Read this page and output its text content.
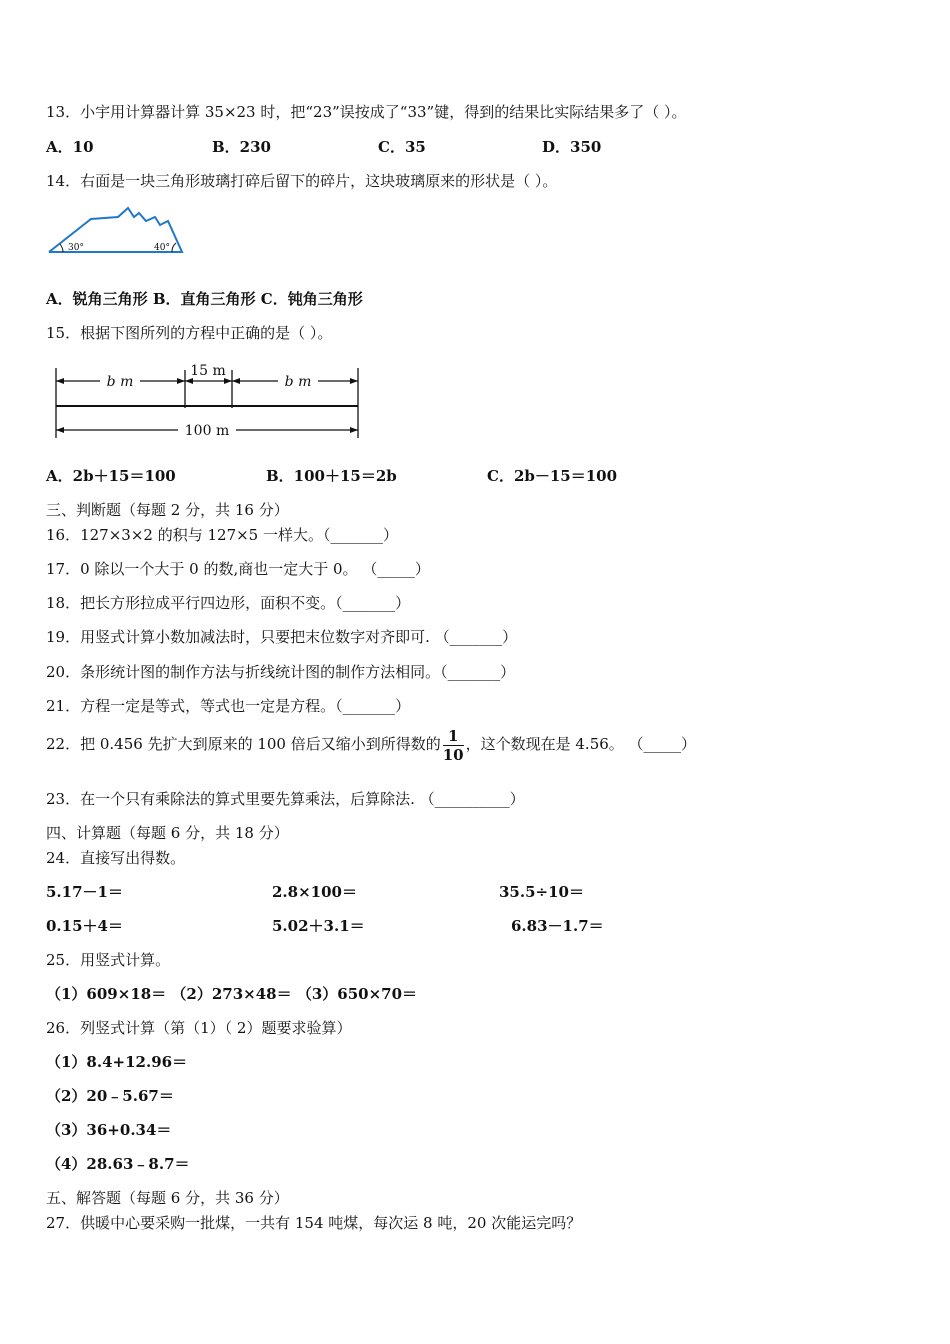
13．小宇用计算器计算 35×23 时，把“23”误按成了“33”键，得到的结果比实际结果多了（ ）。
A．10	B．230	C．35	D．350
14．右面是一块三角形玻璃打碎后留下的碎片，这块玻璃原来的形状是（ ）。
30°	40°
A．锐角三角形 B．直角三角形 C．钝角三角形
15．根据下图所列的方程中正确的是（ ）。
b m
15 m
b m
100 m
A．2b＋15＝100	B．100＋15＝2b	C．2b－15＝100
三、判断题（每题 2 分，共 16 分）
16．127×3×2 的积与 127×5 一样大。（_______）
17．0 除以一个大于 0 的数,商也一定大于 0。 （_____）
18．把长方形拉成平行四边形，面积不变。（_______）
19．用竖式计算小数加减法时，只要把末位数字对齐即可. （_______）
20．条形统计图的制作方法与折线统计图的制作方法相同。（_______）
21．方程一定是等式，等式也一定是方程。（_______）
22．把 0.456 先扩大到原来的 100 倍后又缩小到所得数的 $\frac{1}{10}$ ，这个数现在是 4.56。 （_____）
23．在一个只有乘除法的算式里要先算乘法，后算除法. （__________）
四、计算题（每题 6 分，共 18 分）
24．直接写出得数。
5.17－1＝	2.8×100＝	35.5÷10＝
0.15＋4＝	5.02＋3.1＝	6.83－1.7＝
25．用竖式计算。
（1）609×18＝ （2）273×48＝ （3）650×70＝
26．列竖式计算（第（1）（ 2）题要求验算）
（1）8.4+12.96＝
（2）20﹣5.67＝
（3）36+0.34＝
（4）28.63﹣8.7＝
五、解答题（每题 6 分，共 36 分）
27．供暖中心要采购一批煤，一共有 154 吨煤，每次运 8 吨，20 次能运完吗？
